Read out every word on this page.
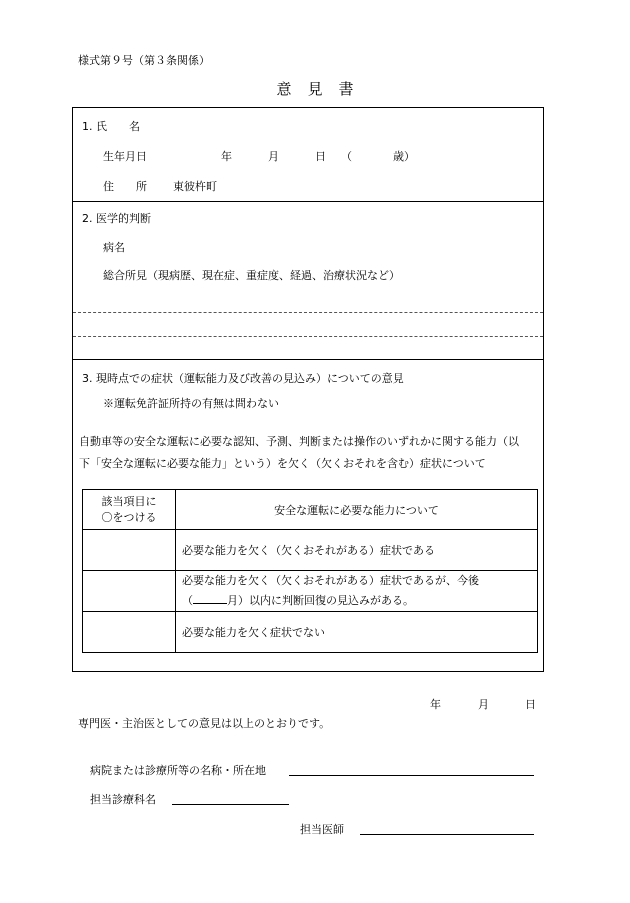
様式第９号（第３条関係）
意見書
1. 氏　　名
生年月日	年	月	日 （	歳）
住　　所 東彼杵町
2. 医学的判断
病名
総合所見（現病歴、現在症、重症度、経過、治療状況など）
3. 現時点での症状（運転能力及び改善の見込み）についての意見
※運転免許証所持の有無は問わない
自動車等の安全な運転に必要な認知、予測、判断または操作のいずれかに関する能力（以
下「安全な運転に必要な能力」という）を欠く（欠くおそれを含む）症状について
該当項目に
〇をつける	安全な運転に必要な能力について
	必要な能力を欠く（欠くおそれがある）症状である
	必要な能力を欠く（欠くおそれがある）症状であるが、今後
（ 月）以内に判断回復の見込みがある。
	必要な能力を欠く症状でない
年	月	日
専門医・主治医としての意見は以上のとおりです。
病院または診療所等の名称・所在地
担当診療科名
担当医師
